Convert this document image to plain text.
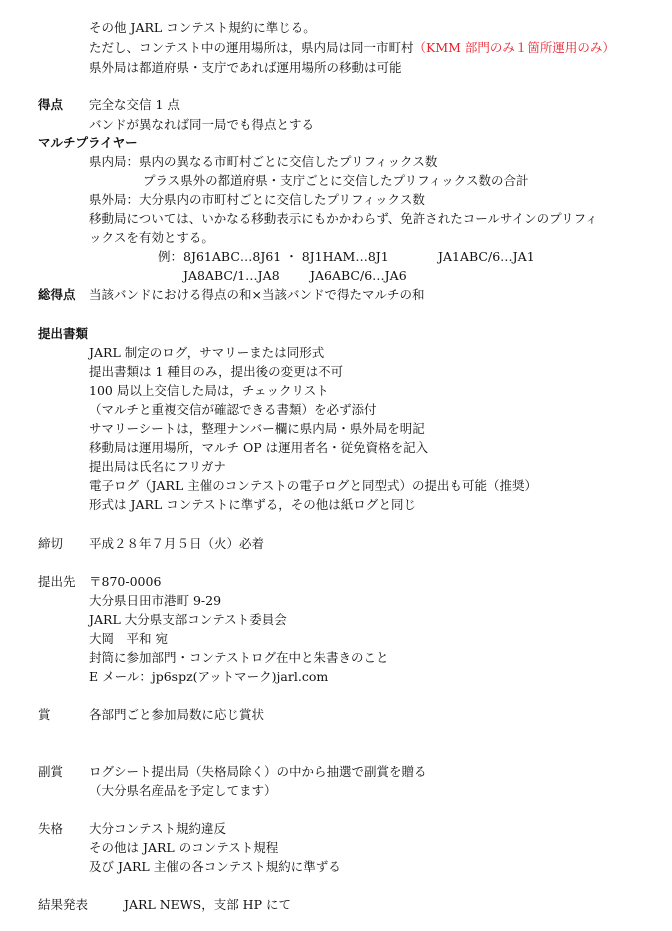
その他 JARL コンテスト規約に準じる。
ただし、コンテスト中の運用場所は，県内局は同一市町村（KMM 部門のみ１箇所運用のみ）
県外局は都道府県・支庁であれば運用場所の移動は可能
得点 完全な交信 1 点
バンドが異なれば同一局でも得点とする
マルチプライヤー
県内局：県内の異なる市町村ごとに交信したプリフィックス数
プラス県外の都道府県・支庁ごとに交信したプリフィックス数の合計
県外局：大分県内の市町村ごとに交信したプリフィックス数
移動局については、いかなる移動表示にもかかわらず、免許されたコールサインのプリフィ
ックスを有効とする。
例：8J61ABC…8J61 ・ 8J1HAM…8J1	JA1ABC/6…JA1
JA8ABC/1…JA8 JA6ABC/6…JA6
総得点 当該バンドにおける得点の和×当該バンドで得たマルチの和
提出書類
JARL 制定のログ，サマリーまたは同形式
提出書類は 1 種目のみ，提出後の変更は不可
100 局以上交信した局は，チェックリスト
（マルチと重複交信が確認できる書類）を必ず添付
サマリーシートは，整理ナンバー欄に県内局・県外局を明記
移動局は運用場所，マルチ OP は運用者名・従免資格を記入
提出局は氏名にフリガナ
電子ログ（JARL 主催のコンテストの電子ログと同型式）の提出も可能（推奨）
形式は JARL コンテストに準ずる，その他は紙ログと同じ
締切 平成２８年７月５日（火）必着
提出先 〒870-0006
大分県日田市港町 9-29
JARL 大分県支部コンテスト委員会
大岡　平和 宛
封筒に参加部門・コンテストログ在中と朱書きのこと
E メール：jp6spz(アットマーク)jarl.com
賞	各部門ごと参加局数に応じ賞状
副賞 ログシート提出局（失格局除く）の中から抽選で副賞を贈る
（大分県名産品を予定してます）
失格 大分コンテスト規約違反
その他は JARL のコンテスト規程
及び JARL 主催の各コンテスト規約に準ずる
結果発表	JARL NEWS，支部 HP にて
